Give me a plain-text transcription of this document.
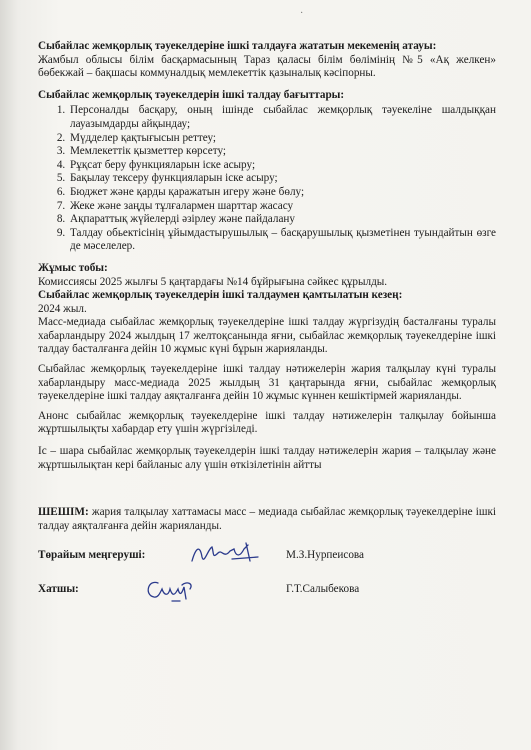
·

Сыбайлас жемқорлық тәуекелдеріне ішкі талдауға жататын мекеменің атауы:

Жамбыл облысы білім басқармасының Тараз қаласы білім бөлімінің №5 «Ақ желкен» бөбекжай – бақшасы коммуналдық мемлекеттік қазыналық кәсіпорны.

Сыбайлас жемқорлық тәуекелдерін ішкі талдау бағыттары:

1. Персоналды басқару, оның ішінде сыбайлас жемқорлық тәуекеліне шалдыққан лауазымдарды айқындау;
2. Мүдделер қақтығысын реттеу;
3. Мемлекеттік қызметтер көрсету;
4. Рұқсат беру функцияларын іске асыру;
5. Бақылау тексеру функцияларын іске асыру;
6. Бюджет және қарды қаражатын игеру және бөлу;
7. Жеке және заңды тұлғалармен шарттар жасасу
8. Ақпараттық жүйелерді әзірлеу және пайдалану
9. Талдау обьектісінің ұйымдастырушылық – басқарушылық қызметінен туындайтын өзге де мәселелер.

Жұмыс тобы:

Комиссиясы 2025 жылғы 5 қаңтардағы №14 бұйрығына сәйкес құрылды.

Сыбайлас жемқорлық тәуекелдерін ішкі талдаумен қамтылатын кезең:

2024 жыл.

Масс-медиада сыбайлас жемқорлық тәуекелдеріне ішкі талдау жүргізудің басталғаны туралы хабарландыру 2024 жылдың 17 желтоқсанында яғни, сыбайлас жемқорлық тәуекелдеріне ішкі талдау басталғанға дейін 10 жұмыс күні бұрын жарияланды.

Сыбайлас жемқорлық тәуекелдеріне ішкі талдау нәтижелерін жария талқылау күні туралы хабарландыру масс-медиада 2025 жылдың 31 қаңтарында яғни, сыбайлас жемқорлық тәуекелдеріне ішкі талдау аяқталғанға дейін 10 жұмыс күннен кешіктірмей жарияланды.

Анонс сыбайлас жемқорлық тәуекелдеріне ішкі талдау нәтижелерін талқылау бойынша жұртшылықты хабардар ету үшін жүргізіледі.

Іс – шара сыбайлас жемқорлық тәуекелдерін ішкі талдау нәтижелерін жария – талқылау және жұртшылықтан кері байланыс алу үшін өткізілетінін айтты

ШЕШІМ: жария талқылау хаттамасы масс – медиада сыбайлас жемқорлық тәуекелдеріне ішкі талдау аяқталғанға дейін жарияланды.

Төрайым меңгеруші:	М.З.Нурпеисова
Хатшы:	Г.Т.Салыбекова
